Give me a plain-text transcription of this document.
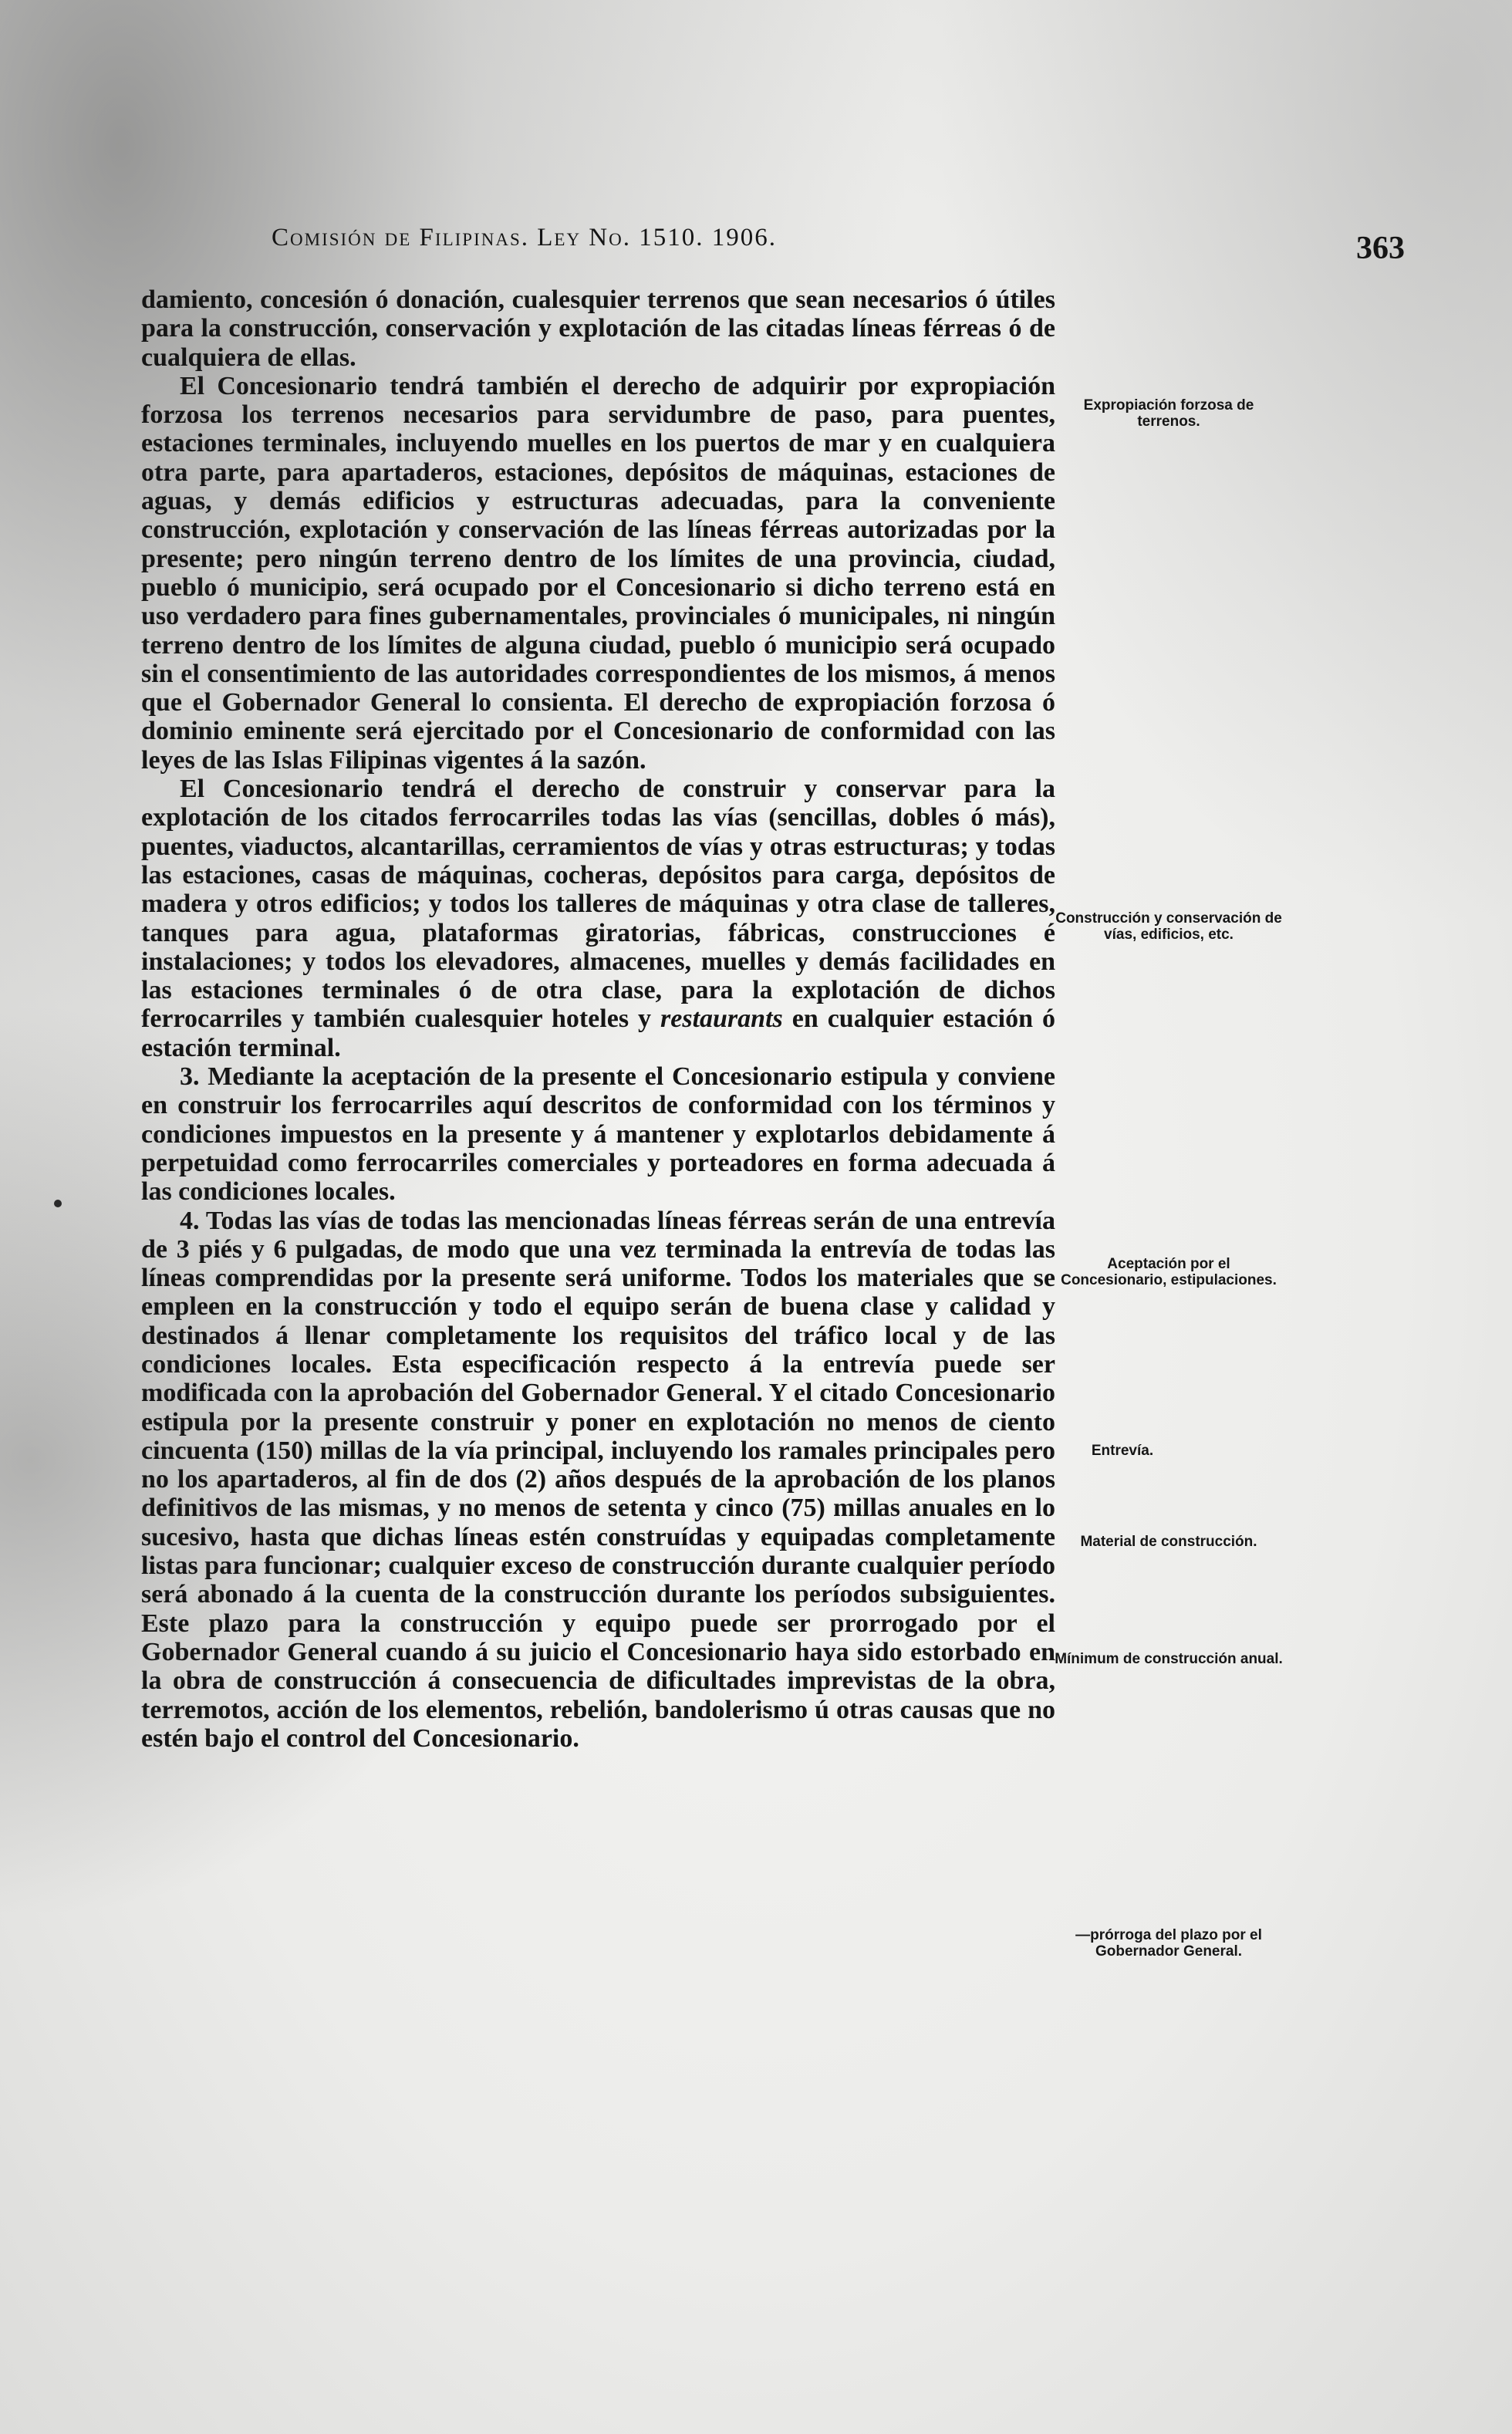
Comisión de Filipinas. Ley No. 1510. 1906.	363

damiento, concesión ó donación, cualesquier terrenos que sean necesarios ó útiles para la construcción, conservación y explotación de las citadas líneas férreas ó de cualquiera de ellas.

El Concesionario tendrá también el derecho de adquirir por expropiación forzosa los terrenos necesarios para servidumbre de paso, para puentes, estaciones terminales, incluyendo muelles en los puertos de mar y en cualquiera otra parte, para apartaderos, estaciones, depósitos de máquinas, estaciones de aguas, y demás edificios y estructuras adecuadas, para la conveniente construcción, explotación y conservación de las líneas férreas autorizadas por la presente; pero ningún terreno dentro de los límites de una provincia, ciudad, pueblo ó municipio, será ocupado por el Concesionario si dicho terreno está en uso verdadero para fines gubernamentales, provinciales ó municipales, ni ningún terreno dentro de los límites de alguna ciudad, pueblo ó municipio será ocupado sin el consentimiento de las autoridades correspondientes de los mismos, á menos que el Gobernador General lo consienta. El derecho de expropiación forzosa ó dominio eminente será ejercitado por el Concesionario de conformidad con las leyes de las Islas Filipinas vigentes á la sazón.

El Concesionario tendrá el derecho de construir y conservar para la explotación de los citados ferrocarriles todas las vías (sencillas, dobles ó más), puentes, viaductos, alcantarillas, cerramientos de vías y otras estructuras; y todas las estaciones, casas de máquinas, cocheras, depósitos para carga, depósitos de madera y otros edificios; y todos los talleres de máquinas y otra clase de talleres, tanques para agua, plataformas giratorias, fábricas, construcciones é instalaciones; y todos los elevadores, almacenes, muelles y demás facilidades en las estaciones terminales ó de otra clase, para la explotación de dichos ferrocarriles y también cualesquier hoteles y restaurants en cualquier estación ó estación terminal.

3. Mediante la aceptación de la presente el Concesionario estipula y conviene en construir los ferrocarriles aquí descritos de conformidad con los términos y condiciones impuestos en la presente y á mantener y explotarlos debidamente á perpetuidad como ferrocarriles comerciales y porteadores en forma adecuada á las condiciones locales.

4. Todas las vías de todas las mencionadas líneas férreas serán de una entrevía de 3 piés y 6 pulgadas, de modo que una vez terminada la entrevía de todas las líneas comprendidas por la presente será uniforme. Todos los materiales que se empleen en la construcción y todo el equipo serán de buena clase y calidad y destinados á llenar completamente los requisitos del tráfico local y de las condiciones locales. Esta especificación respecto á la entrevía puede ser modificada con la aprobación del Gobernador General. Y el citado Concesionario estipula por la presente construir y poner en explotación no menos de ciento cincuenta (150) millas de la vía principal, incluyendo los ramales principales pero no los apartaderos, al fin de dos (2) años después de la aprobación de los planos definitivos de las mismas, y no menos de setenta y cinco (75) millas anuales en lo sucesivo, hasta que dichas líneas estén construídas y equipadas completamente listas para funcionar; cualquier exceso de construcción durante cualquier período será abonado á la cuenta de la construcción durante los períodos subsiguientes. Este plazo para la construcción y equipo puede ser prorrogado por el Gobernador General cuando á su juicio el Concesionario haya sido estorbado en la obra de construcción á consecuencia de dificultades imprevistas de la obra, terremotos, acción de los elementos, rebelión, bandolerismo ú otras causas que no estén bajo el control del Concesionario.

Expropiación forzosa de terrenos.
Construcción y conservación de vías, edificios, etc.
Aceptación por el Concesionario, estipulaciones.
Entrevía.
Material de construcción.
Mínimum de construcción anual.
—prórroga del plazo por el Gobernador General.
